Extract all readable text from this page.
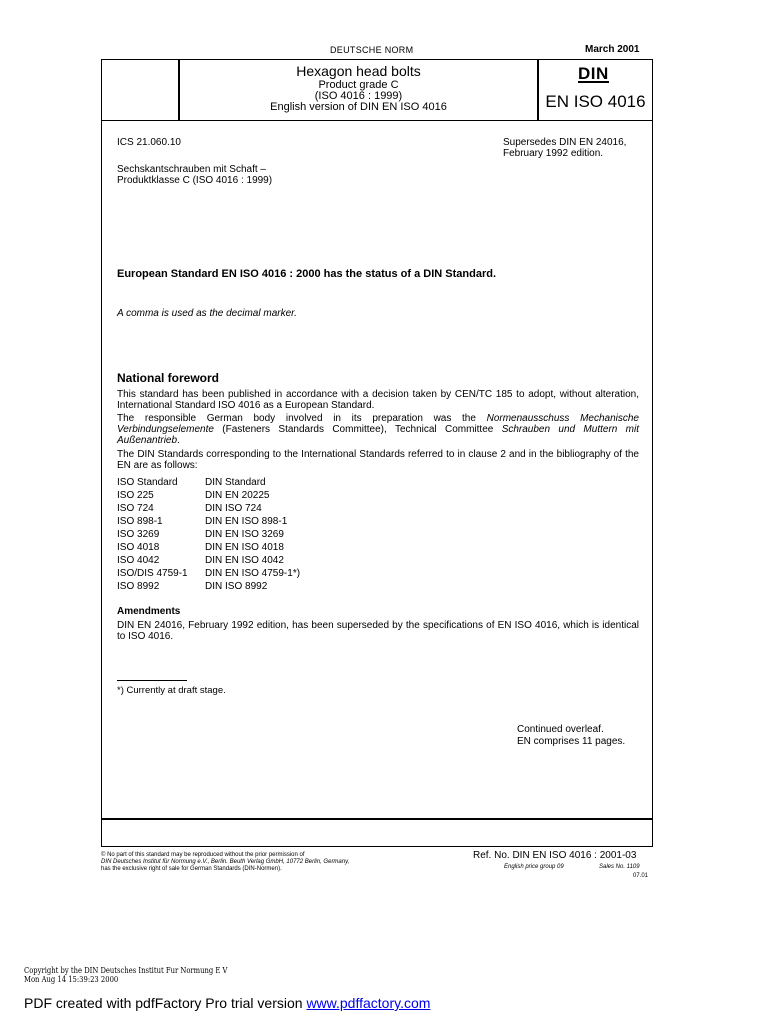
DEUTSCHE NORM	March 2001
Hexagon head bolts
Product grade C
(ISO 4016 : 1999)
English version of DIN EN ISO 4016
DIN
EN ISO 4016
ICS 21.060.10	Supersedes DIN EN 24016,
February 1992 edition.
Sechskantschrauben mit Schaft –
Produktklasse C (ISO 4016 : 1999)
European Standard EN ISO 4016 : 2000 has the status of a DIN Standard.
A comma is used as the decimal marker.
National foreword
This standard has been published in accordance with a decision taken by CEN/TC 185 to adopt, without alteration, International Standard ISO 4016 as a European Standard.
The responsible German body involved in its preparation was the Normenausschuss Mechanische Verbindungselemente (Fasteners Standards Committee), Technical Committee Schrauben und Muttern mit Außenantrieb.
The DIN Standards corresponding to the International Standards referred to in clause 2 and in the bibliography of the EN are as follows:
ISO Standard	DIN Standard
ISO 225	DIN EN 20225
ISO 724	DIN ISO 724
ISO 898-1	DIN EN ISO 898-1
ISO 3269	DIN EN ISO 3269
ISO 4018	DIN EN ISO 4018
ISO 4042	DIN EN ISO 4042
ISO/DIS 4759-1	DIN EN ISO 4759-1*)
ISO 8992	DIN ISO 8992
Amendments
DIN EN 24016, February 1992 edition, has been superseded by the specifications of EN ISO 4016, which is identical to ISO 4016.
*) Currently at draft stage.
Continued overleaf.
EN comprises 11 pages.
© No part of this standard may be reproduced without the prior permission of
DIN Deutsches Institut für Normung e.V., Berlin. Beuth Verlag GmbH, 10772 Berlin, Germany,
has the exclusive right of sale for German Standards (DIN-Normen).
Ref. No. DIN EN ISO 4016 : 2001-03
English price group 09	Sales No. 1109
07.01
Copyright by the DIN Deutsches Institut Fur Normung E V
Mon Aug 14 15:39:23 2000
PDF created with pdfFactory Pro trial version www.pdffactory.com
